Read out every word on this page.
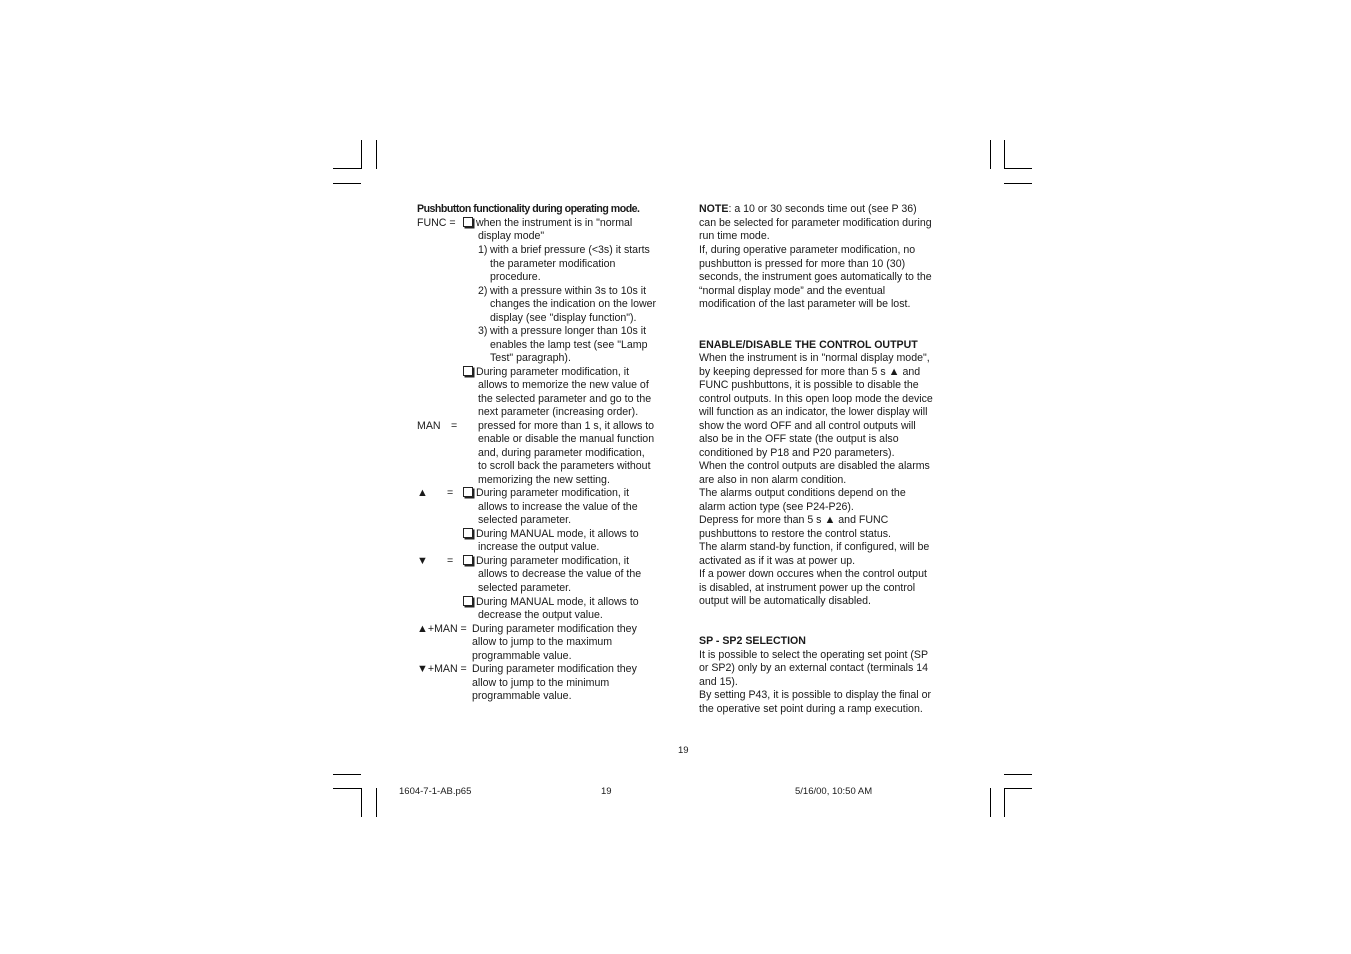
Pushbutton functionality during operating mode.
FUNC =	when the instrument is in "normal
display mode"
1) with a brief pressure (<3s) it starts
the parameter modification
procedure.
2) with a pressure within 3s to 10s it
changes the indication on the lower
display (see "display function").
3) with a pressure longer than 10s it
enables the lamp test (see "Lamp
Test" paragraph).
During parameter modification, it
allows to memorize the new value of
the selected parameter and go to the
next parameter (increasing order).
MAN = pressed for more than 1 s, it allows to
enable or disable the manual function
and, during parameter modification,
to scroll back the parameters without
memorizing the new setting.
▲ =	During parameter modification, it
allows to increase the value of the
selected parameter.
During MANUAL mode, it allows to
increase the output value.
▼ =	During parameter modification, it
allows to decrease the value of the
selected parameter.
During MANUAL mode, it allows to
decrease the output value.
▲+MAN = During parameter modification they
allow to jump to the maximum
programmable value.
▼+MAN = During parameter modification they
allow to jump to the minimum
programmable value.
NOTE: a 10 or 30 seconds time out (see P 36)
can be selected for parameter modification during
run time mode.
If, during operative parameter modification, no
pushbutton is pressed for more than 10 (30)
seconds, the instrument goes automatically to the
“normal display mode” and the eventual
modification of the last parameter will be lost.
ENABLE/DISABLE THE CONTROL OUTPUT
When the instrument is in "normal display mode",
by keeping depressed for more than 5 s ▲ and
FUNC pushbuttons, it is possible to disable the
control outputs. In this open loop mode the device
will function as an indicator, the lower display will
show the word OFF and all control outputs will
also be in the OFF state (the output is also
conditioned by P18 and P20 parameters).
When the control outputs are disabled the alarms
are also in non alarm condition.
The alarms output conditions depend on the
alarm action type (see P24-P26).
Depress for more than 5 s ▲ and FUNC
pushbuttons to restore the control status.
The alarm stand-by function, if configured, will be
activated as if it was at power up.
If a power down occures when the control output
is disabled, at instrument power up the control
output will be automatically disabled.
SP - SP2 SELECTION
It is possible to select the operating set point (SP
or SP2) only by an external contact (terminals 14
and 15).
By setting P43, it is possible to display the final or
the operative set point during a ramp execution.
19
1604-7-1-AB.p65	19	5/16/00, 10:50 AM
